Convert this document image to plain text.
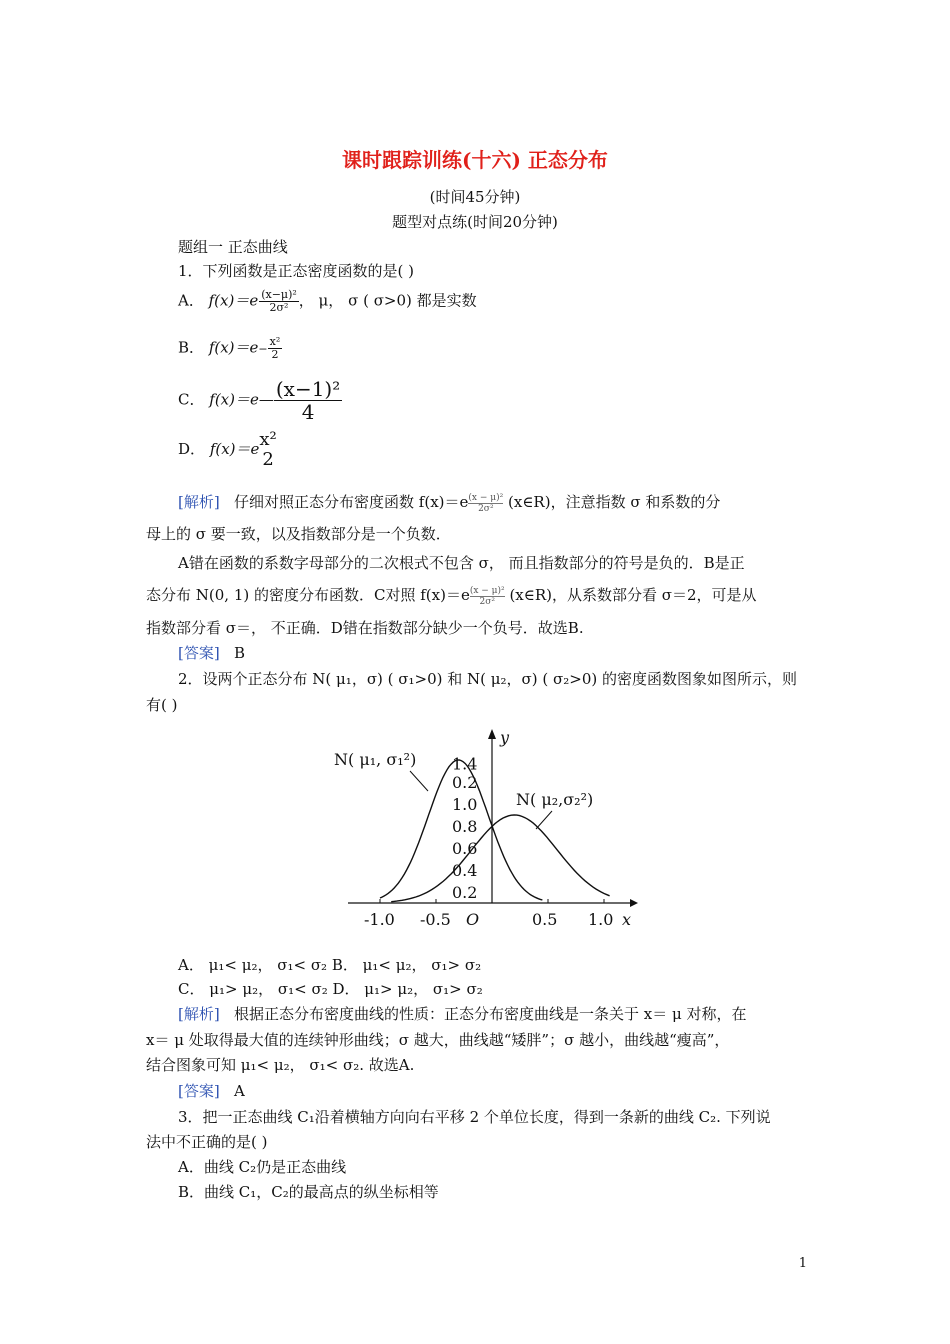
课时跟踪训练(十六) 正态分布
(时间45分钟)
题型对点练(时间20分钟)
题组一 正态曲线
1．下列函数是正态密度函数的是( )
A． $f(x)=e \frac{\text{(x−μ)²}}{\text{2σ²}}$ ， μ， σ ( σ>0) 都是实数
B． $f(x)=e- \frac{\text{x²}}{2}$
C． f(x)＝e— $\frac{\text{(x−1)²}}{4}$
D． f(x)＝e x²
2
[解析] 仔细对照正态分布密度函数 $f(x)=e \frac{\text{(x − μ)²}}{\text{2σ²}}$ (x∈R)，注意指数 σ 和系数的分
母上的 σ 要一致，以及指数部分是一个负数．
A错在函数的系数字母部分的二次根式不包含 σ， 而且指数部分的符号是负的．B是正
态分布 N(0, 1) 的密度分布函数．C对照 $f(x)=e \frac{\text{(x − μ)²}}{\text{2σ²}}$ (x∈R)，从系数部分看 σ＝2，可是从
指数部分看 σ＝， 不正确．D错在指数部分缺少一个负号．故选B.
[答案] B
2．设两个正态分布 N( μ₁，σ) ( σ₁>0) 和 N( μ₂，σ) ( σ₂>0) 的密度函数图象如图所示，则
有( )
y
x
O
-1.0 -0.5	0.5 1.0
1.4
0.2
1.0
0.8
0.6
0.4
0.2
N( μ₁, σ₁²)
N( μ₂,σ₂²)
A． μ₁< μ₂， σ₁< σ₂ B． μ₁< μ₂， σ₁> σ₂
C． μ₁> μ₂， σ₁< σ₂ D． μ₁> μ₂， σ₁> σ₂
[解析] 根据正态分布密度曲线的性质：正态分布密度曲线是一条关于 x＝ μ 对称，在
x＝ μ 处取得最大值的连续钟形曲线；σ 越大，曲线越“矮胖”；σ 越小，曲线越“瘦高”，
结合图象可知 μ₁< μ₂， σ₁< σ₂. 故选A.
[答案] A
3．把一正态曲线 C₁沿着横轴方向向右平移 2 个单位长度，得到一条新的曲线 C₂. 下列说
法中不正确的是( )
A．曲线 C₂仍是正态曲线
B．曲线 C₁，C₂的最高点的纵坐标相等
1
